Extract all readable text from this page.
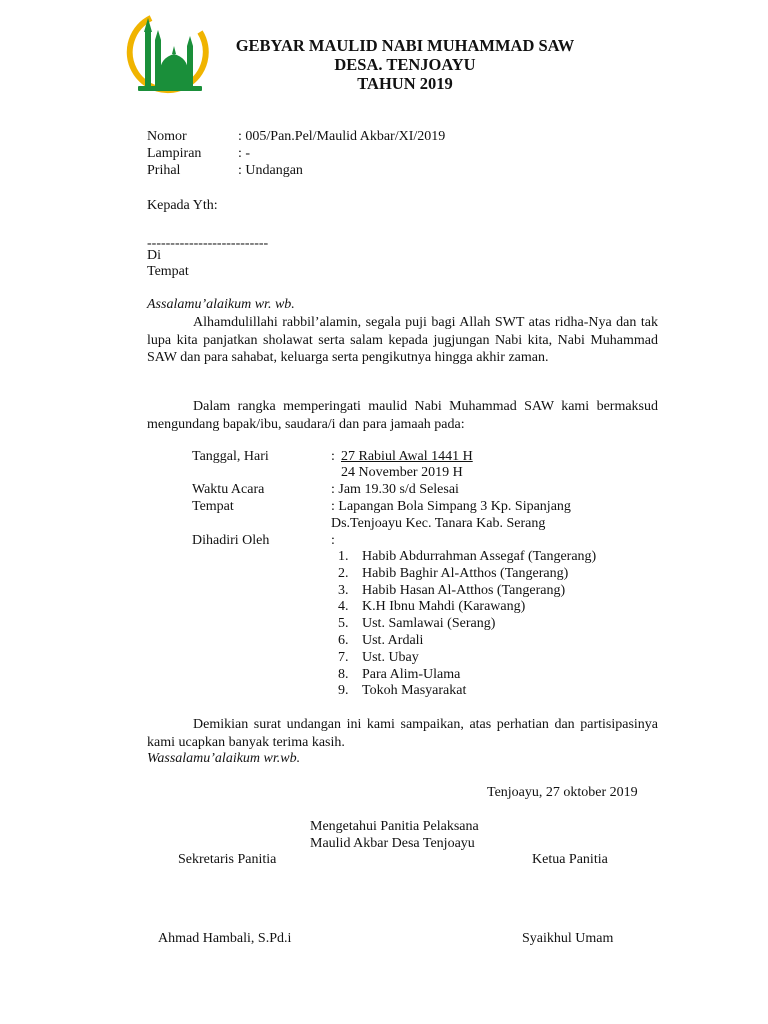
GEBYAR MAULID NABI MUHAMMAD SAW
DESA. TENJOAYU
TAHUN 2019
Nomor	: 005/Pan.Pel/Maulid Akbar/XI/2019
Lampiran	: -
Prihal	: Undangan
Kepada Yth:
--------------------------
Di
Tempat
Assalamu’alaikum wr. wb.
Alhamdulillahi rabbil’alamin, segala puji bagi Allah SWT atas ridha-Nya dan tak lupa kita panjatkan sholawat serta salam kepada jugjungan Nabi kita, Nabi Muhammad SAW dan para sahabat, keluarga serta pengikutnya hingga akhir zaman.
Dalam rangka memperingati maulid Nabi Muhammad SAW kami bermaksud mengundang bapak/ibu, saudara/i dan para jamaah pada:
Tanggal, Hari	: 27 Rabiul Awal 1441 H
24 November 2019 H
Waktu Acara	: Jam 19.30 s/d Selesai
Tempat	: Lapangan Bola Simpang 3 Kp. Sipanjang
Ds.Tenjoayu Kec. Tanara Kab. Serang
Dihadiri Oleh	:
1. Habib Abdurrahman Assegaf (Tangerang)
2. Habib Baghir Al-Atthos (Tangerang)
3. Habib Hasan Al-Atthos (Tangerang)
4. K.H Ibnu Mahdi (Karawang)
5. Ust. Samlawai (Serang)
6. Ust. Ardali
7. Ust. Ubay
8. Para Alim-Ulama
9. Tokoh Masyarakat
Demikian surat undangan ini kami sampaikan, atas perhatian dan partisipasinya kami ucapkan banyak terima kasih.
Wassalamu’alaikum wr.wb.
Tenjoayu, 27 oktober 2019
Mengetahui Panitia Pelaksana
Maulid Akbar Desa Tenjoayu
Sekretaris Panitia	Ketua Panitia
Ahmad Hambali, S.Pd.i	Syaikhul Umam
